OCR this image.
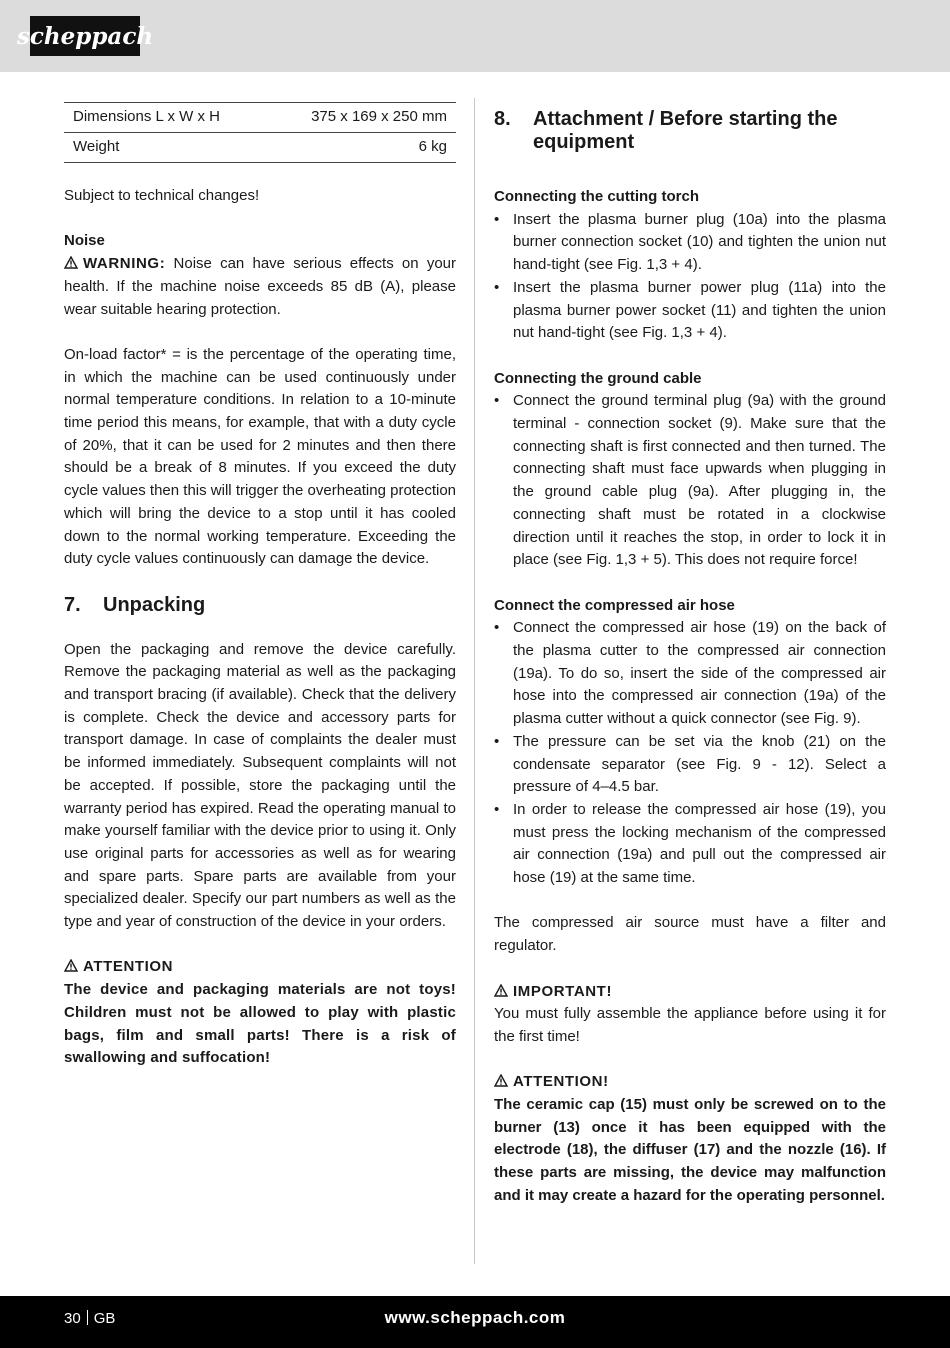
scheppach
Dimensions L x W x H	375 x 169 x 250 mm
Weight	6 kg

Subject to technical changes!

Noise

WARNING: Noise can have serious effects on your health. If the machine noise exceeds 85 dB (A), please wear suitable hearing protection.

On-load factor* = is the percentage of the operating time, in which the machine can be used continuously under normal temperature conditions. In relation to a 10-minute time period this means, for example, that with a duty cycle of 20%, that it can be used for 2 minutes and then there should be a break of 8 minutes. If you exceed the duty cycle values then this will trigger the overheating protection which will bring the device to a stop until it has cooled down to the normal working temperature. Exceeding the duty cycle values continuously can damage the device.

7.	Unpacking

Open the packaging and remove the device carefully. Remove the packaging material as well as the packaging and transport bracing (if available). Check that the delivery is complete. Check the device and accessory parts for transport damage. In case of complaints the dealer must be informed immediately. Subsequent complaints will not be accepted. If possible, store the packaging until the warranty period has expired. Read the operating manual to make yourself familiar with the device prior to using it. Only use original parts for accessories as well as for wearing and spare parts. Spare parts are available from your specialized dealer. Specify our part numbers as well as the type and year of construction of the device in your orders.

ATTENTION

The device and packaging materials are not toys! Children must not be allowed to play with plastic bags, film and small parts! There is a risk of swallowing and suffocation!

8.	Attachment / Before starting the equipment
Connecting the cutting torch
• Insert the plasma burner plug (10a) into the plasma burner connection socket (10) and tighten the union nut hand-tight (see Fig. 1,3 + 4).
• Insert the plasma burner power plug (11a) into the plasma burner power socket (11) and tighten the union nut hand-tight (see Fig. 1,3 + 4).
Connecting the ground cable
• Connect the ground terminal plug (9a) with the ground terminal - connection socket (9). Make sure that the connecting shaft is first connected and then turned. The connecting shaft must face upwards when plugging in the ground cable plug (9a). After plugging in, the connecting shaft must be rotated in a clockwise direction until it reaches the stop, in order to lock it in place (see Fig. 1,3 + 5). This does not require force!
Connect the compressed air hose
• Connect the compressed air hose (19) on the back of the plasma cutter to the compressed air connection (19a). To do so, insert the side of the compressed air hose into the compressed air connection (19a) of the plasma cutter without a quick connector (see Fig. 9).
• The pressure can be set via the knob (21) on the condensate separator (see Fig. 9 - 12). Select a pressure of 4–4.5 bar.
• In order to release the compressed air hose (19), you must press the locking mechanism of the compressed air connection (19a) and pull out the compressed air hose (19) at the same time.

The compressed air source must have a filter and regulator.

IMPORTANT!

You must fully assemble the appliance before using it for the first time!

ATTENTION!

The ceramic cap (15) must only be screwed on to the burner (13) once it has been equipped with the electrode (18), the diffuser (17) and the nozzle (16). If these parts are missing, the device may malfunction and it may create a hazard for the operating personnel.

30 GB	www.scheppach.com
